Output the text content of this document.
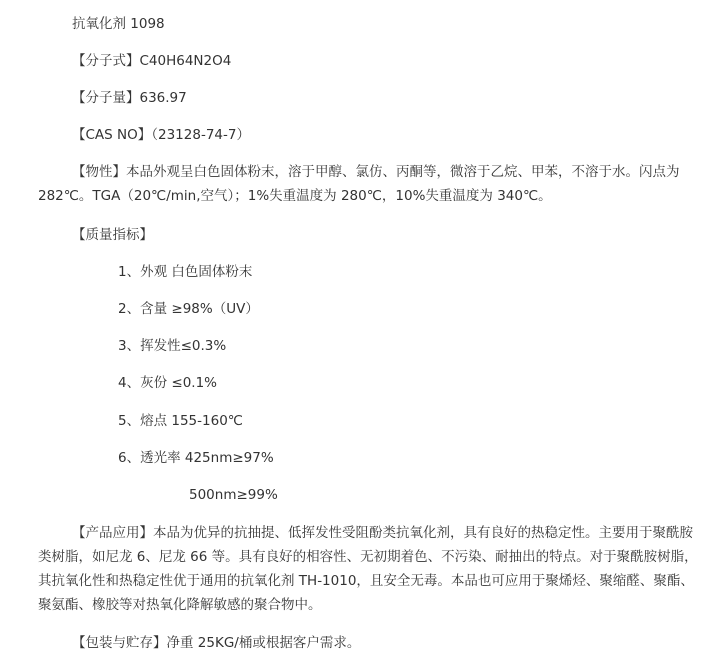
抗氧化剂 1098
【分子式】C40H64N2O4
【分子量】636.97
【CAS NO】（23128-74-7）
【物性】本品外观呈白色固体粉末，溶于甲醇、氯仿、丙酮等，微溶于乙烷、甲苯，不溶于水。闪点为 282℃。TGA（20℃/min,空气）；1%失重温度为 280℃，10%失重温度为 340℃。
【质量指标】
1、外观 白色固体粉末
2、含量 ≥98%（UV）
3、挥发性≤0.3%
4、灰份 ≤0.1%
5、熔点 155-160℃
6、透光率 425nm≥97%
500nm≥99%
【产品应用】本品为优异的抗抽提、低挥发性受阻酚类抗氧化剂，具有良好的热稳定性。主要用于聚酰胺类树脂，如尼龙 6、尼龙 66 等。具有良好的相容性、无初期着色、不污染、耐抽出的特点。对于聚酰胺树脂，其抗氧化性和热稳定性优于通用的抗氧化剂 TH-1010，且安全无毒。本品也可应用于聚烯烃、聚缩醛、聚酯、聚氨酯、橡胶等对热氧化降解敏感的聚合物中。
【包装与贮存】净重 25KG/桶或根据客户需求。
